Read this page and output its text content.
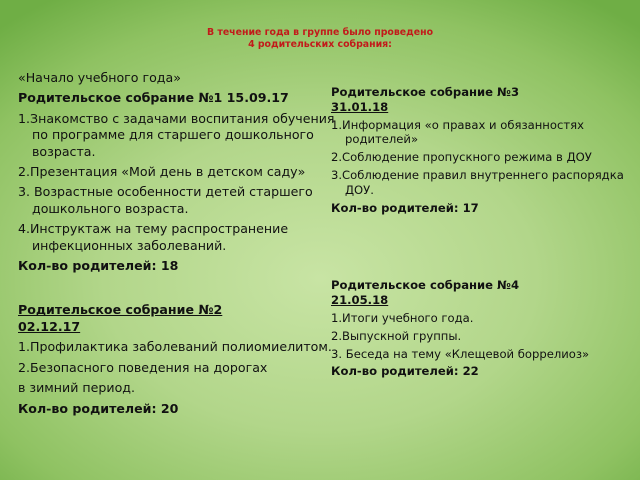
В течение года в группе было проведено
4 родительских собрания:
«Начало учебного года»
Родительское собрание №1 15.09.17
1.Знакомство с задачами воспитания обучения по программе для старшего дошкольного возраста.
2.Презентация «Мой день в детском саду»
3. Возрастные особенности детей старшего дошкольного возраста.
4.Инструктаж на тему распространение инфекционных заболеваний.
Кол-во родителей: 18
Родительское собрание №2
02.12.17
1.Профилактика заболеваний полиомиелитом.
2.Безопасного поведения на дорогах
в зимний период.
Кол-во родителей: 20
Родительское собрание №3
31.01.18
1.Информация «о правах и обязанностях родителей»
2.Соблюдение пропускного режима в ДОУ
3.Соблюдение правил внутреннего распорядка ДОУ.
Кол-во родителей: 17
Родительское собрание №4
21.05.18
1.Итоги учебного года.
2.Выпускной группы.
3. Беседа на тему «Клещевой боррелиоз»
Кол-во родителей: 22
